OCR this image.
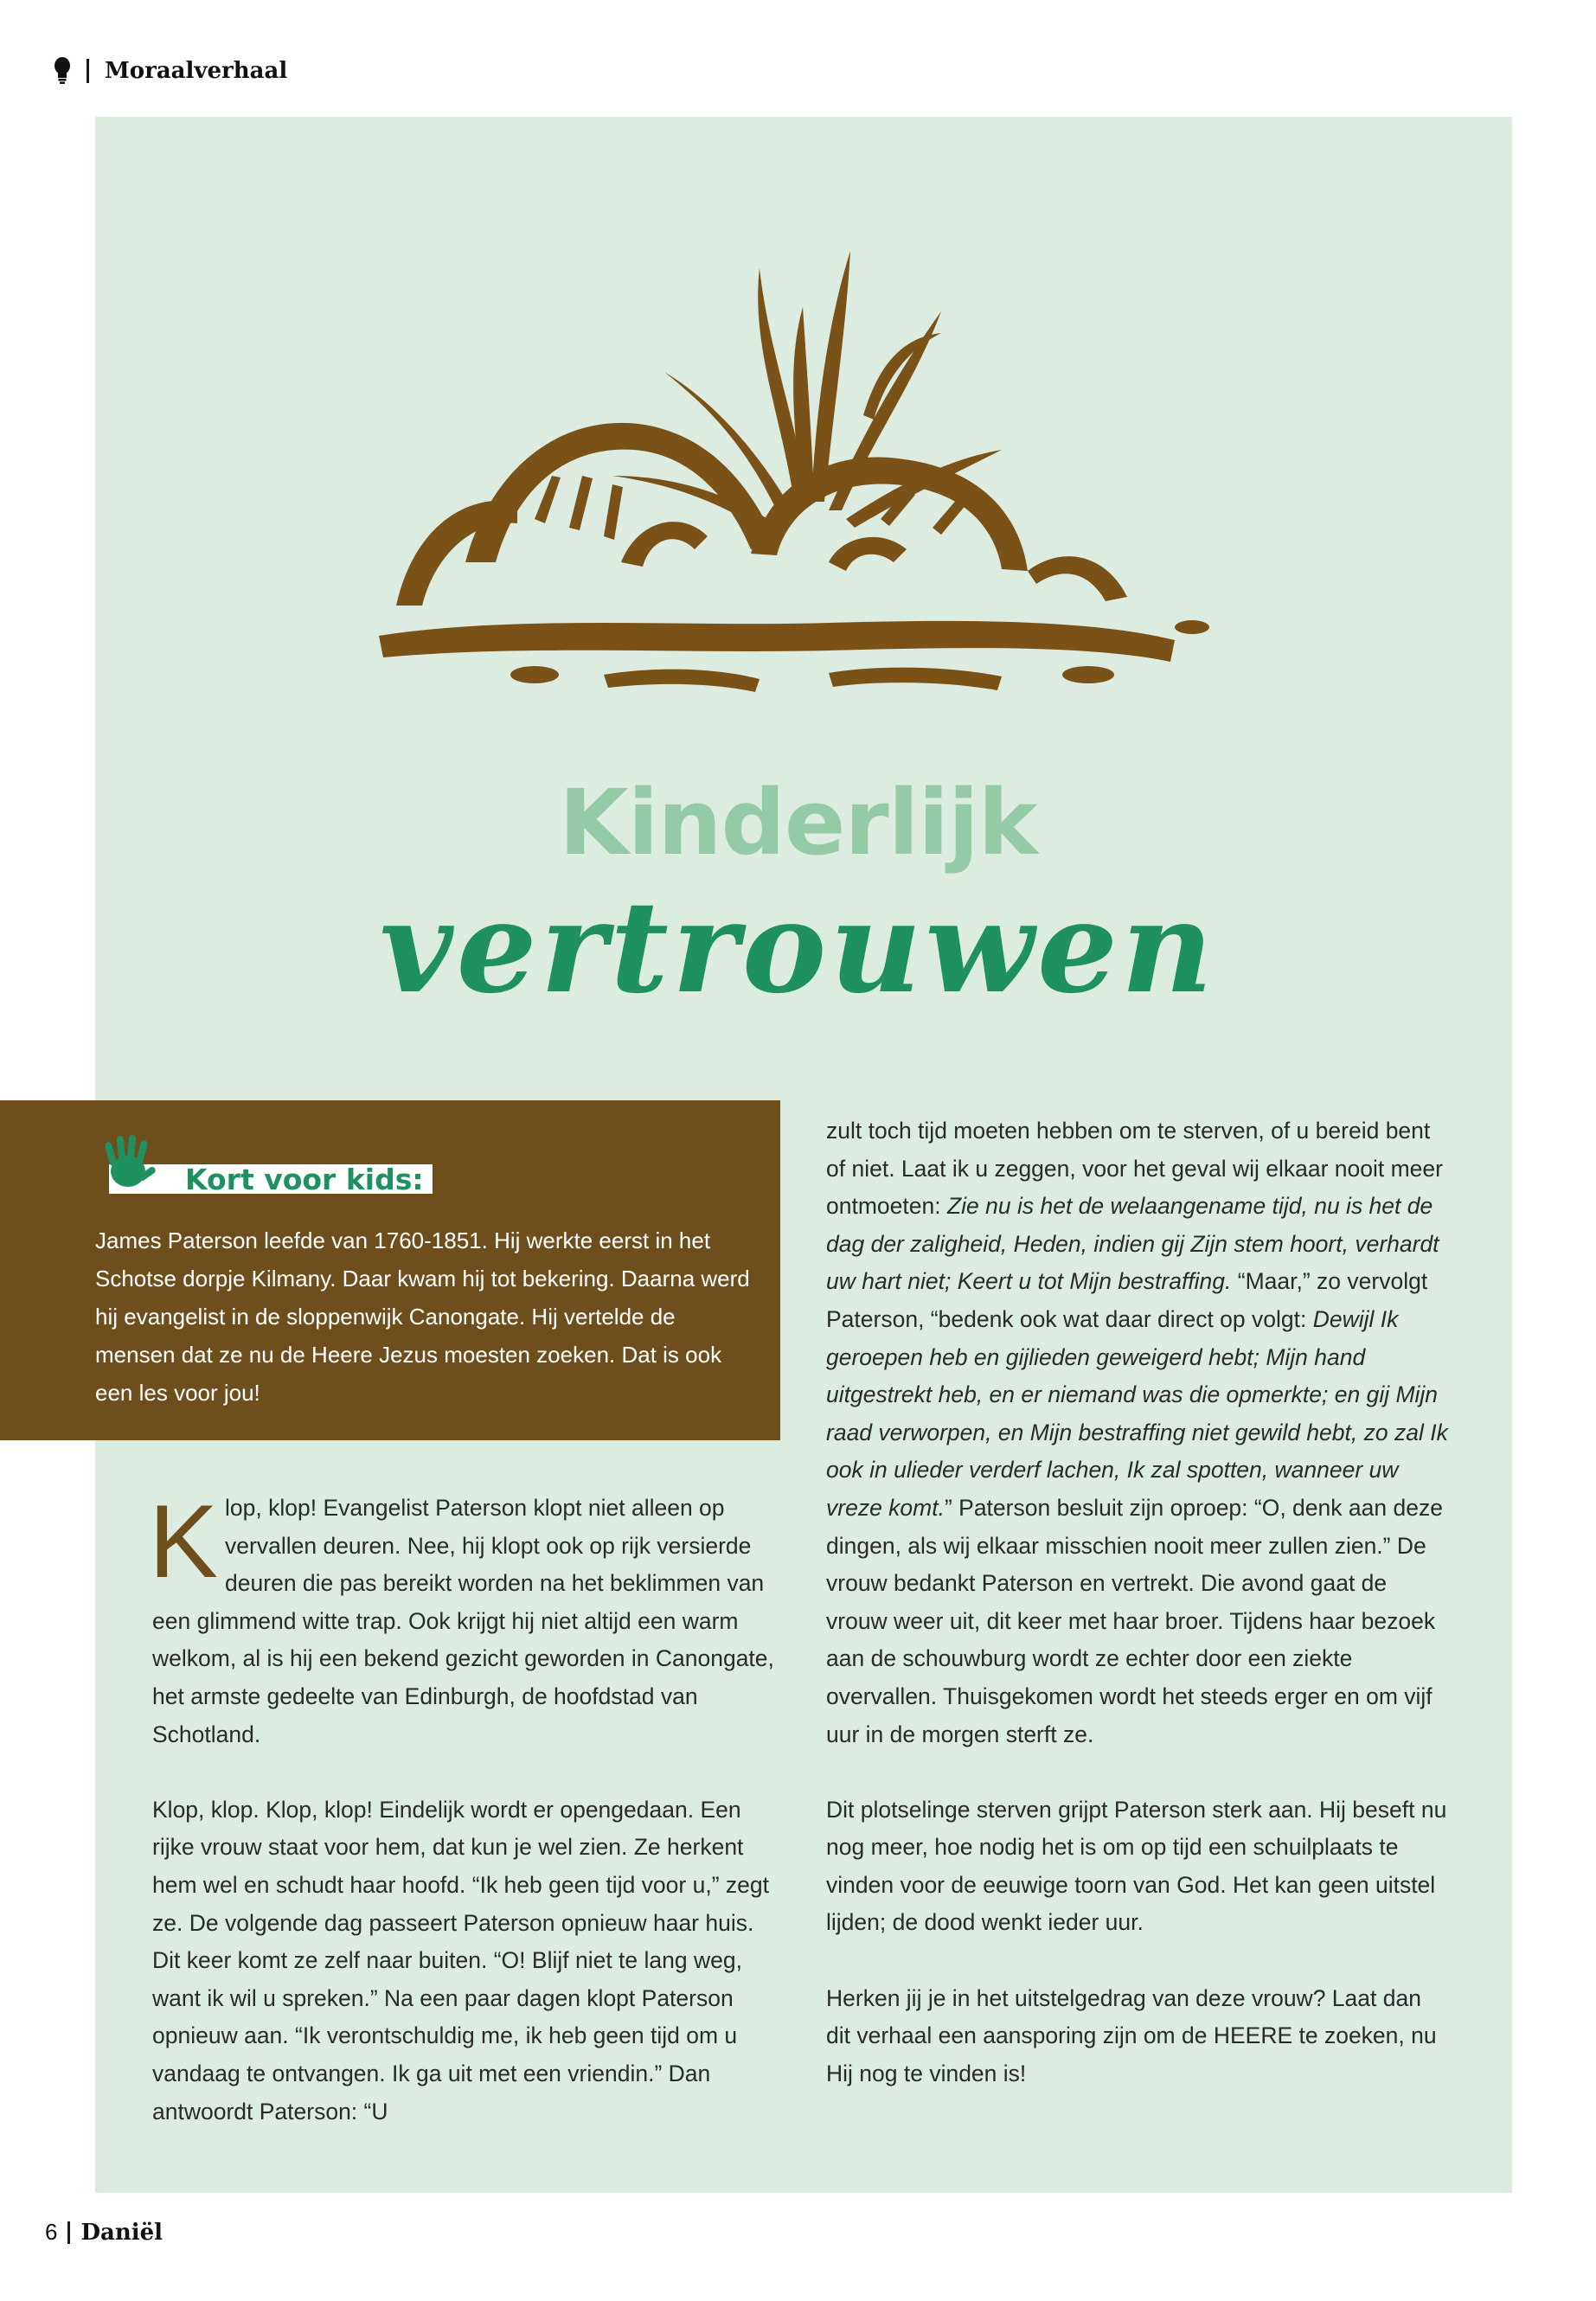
Moraalverhaal
Kinderlijk
vertrouwen
Kort voor kids:
James Paterson leefde van 1760-1851. Hij werkte eerst in het Schotse dorpje Kilmany. Daar kwam hij tot bekering. Daarna werd hij evangelist in de sloppenwijk Canongate. Hij vertelde de mensen dat ze nu de Heere Jezus moesten zoeken. Dat is ook een les voor jou!

Klop, klop! Evangelist Paterson klopt niet alleen op vervallen deuren. Nee, hij klopt ook op rijk versierde deuren die pas bereikt worden na het beklimmen van een glimmend witte trap. Ook krijgt hij niet altijd een warm welkom, al is hij een bekend gezicht geworden in Canongate, het armste gedeelte van Edinburgh, de hoofdstad van Schotland.

Klop, klop. Klop, klop! Eindelijk wordt er opengedaan. Een rijke vrouw staat voor hem, dat kun je wel zien. Ze herkent hem wel en schudt haar hoofd. “Ik heb geen tijd voor u,” zegt ze. De volgende dag passeert Paterson opnieuw haar huis. Dit keer komt ze zelf naar buiten. “O! Blijf niet te lang weg, want ik wil u spreken.” Na een paar dagen klopt Paterson opnieuw aan. “Ik verontschuldig me, ik heb geen tijd om u vandaag te ontvangen. Ik ga uit met een vriendin.” Dan antwoordt Paterson: “U

zult toch tijd moeten hebben om te sterven, of u bereid bent of niet. Laat ik u zeggen, voor het geval wij elkaar nooit meer ontmoeten: Zie nu is het de welaangename tijd, nu is het de dag der zaligheid, Heden, indien gij Zijn stem hoort, verhardt uw hart niet; Keert u tot Mijn bestraffing. “Maar,” zo vervolgt Paterson, “bedenk ook wat daar direct op volgt: Dewijl Ik geroepen heb en gijlieden geweigerd hebt; Mijn hand uitgestrekt heb, en er niemand was die opmerkte; en gij Mijn raad verworpen, en Mijn bestraffing niet gewild hebt, zo zal Ik ook in ulieder verderf lachen, Ik zal spotten, wanneer uw vreze komt.” Paterson besluit zijn oproep: “O, denk aan deze dingen, als wij elkaar misschien nooit meer zullen zien.” De vrouw bedankt Paterson en vertrekt. Die avond gaat de vrouw weer uit, dit keer met haar broer. Tijdens haar bezoek aan de schouwburg wordt ze echter door een ziekte overvallen. Thuisgekomen wordt het steeds erger en om vijf uur in de morgen sterft ze.

Dit plotselinge sterven grijpt Paterson sterk aan. Hij beseft nu nog meer, hoe nodig het is om op tijd een schuilplaats te vinden voor de eeuwige toorn van God. Het kan geen uitstel lijden; de dood wenkt ieder uur.

Herken jij je in het uitstelgedrag van deze vrouw? Laat dan dit verhaal een aansporing zijn om de HEERE te zoeken, nu Hij nog te vinden is!

6 Daniël
